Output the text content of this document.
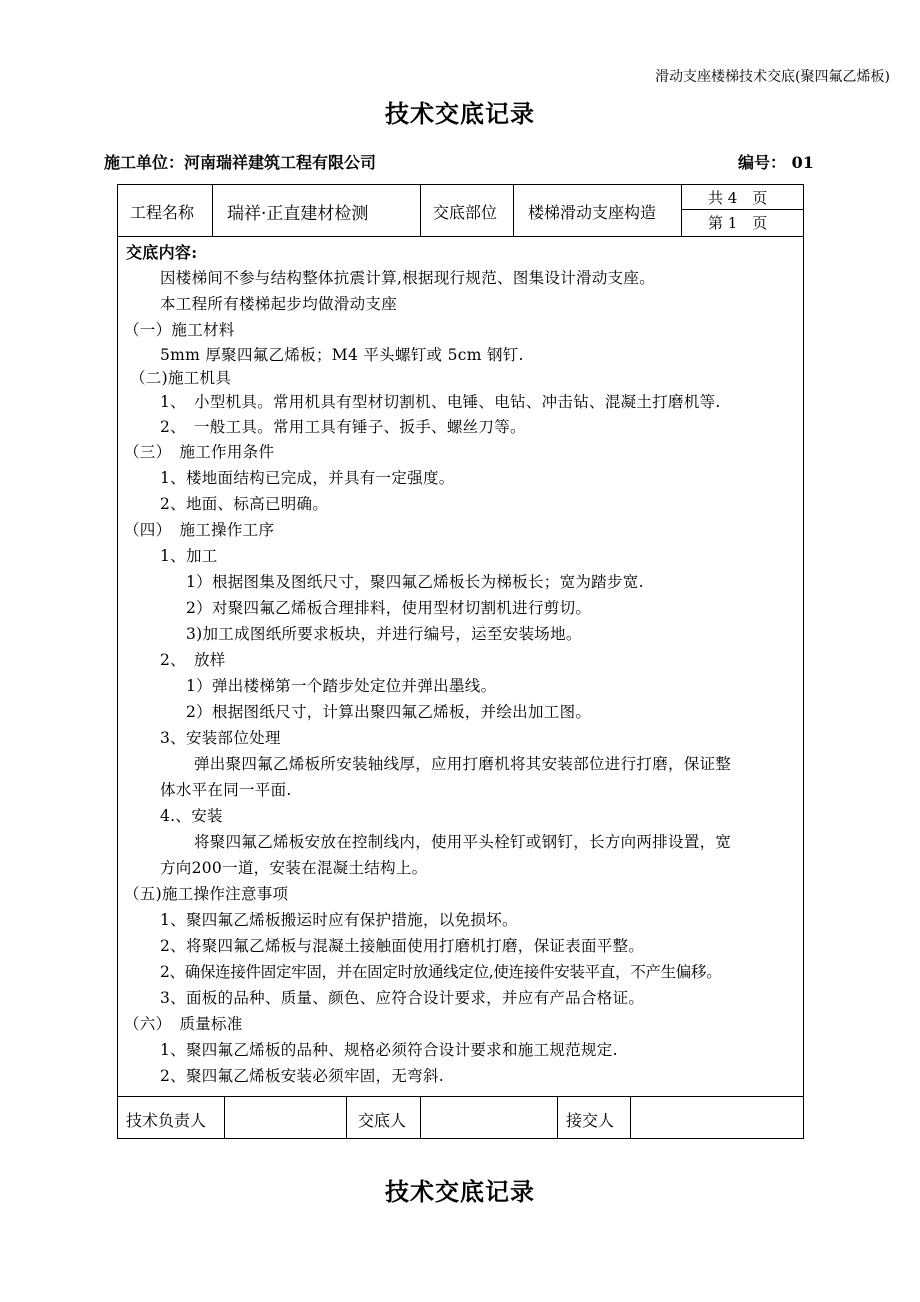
滑动支座楼梯技术交底(聚四氟乙烯板)
技术交底记录
施工单位：河南瑞祥建筑工程有限公司	编号： 01
工程名称 瑞祥·正直建材检测	交底部位 楼梯滑动支座构造
共 4　页
第 1　页
交底内容:
因楼梯间不参与结构整体抗震计算,根据现行规范、图集设计滑动支座。
本工程所有楼梯起步均做滑动支座
（一）施工材料
5mm 厚聚四氟乙烯板；M4 平头螺钉或 5cm 钢钉.
（二)施工机具
1、　小型机具。常用机具有型材切割机、电锤、电钻、冲击钻、混凝土打磨机等.
2、　一般工具。常用工具有锤子、扳手、螺丝刀等。
（三）　施工作用条件
1、楼地面结构已完成，并具有一定强度。
2、地面、标高已明确。
（四）　施工操作工序
1、加工
1）根据图集及图纸尺寸，聚四氟乙烯板长为梯板长；宽为踏步宽.
2）对聚四氟乙烯板合理排料，使用型材切割机进行剪切。
3)加工成图纸所要求板块，并进行编号，运至安装场地。
2、　放样
1）弹出楼梯第一个踏步处定位并弹出墨线。
2）根据图纸尺寸，计算出聚四氟乙烯板，并绘出加工图。
3、安装部位处理
弹出聚四氟乙烯板所安装轴线厚，应用打磨机将其安装部位进行打磨，保证整
体水平在同一平面.
4.、安装
将聚四氟乙烯板安放在控制线内，使用平头栓钉或钢钉，长方向两排设置，宽
方向200一道，安装在混凝土结构上。
（五)施工操作注意事项
1、聚四氟乙烯板搬运时应有保护措施，以免损坏。
2、将聚四氟乙烯板与混凝土接触面使用打磨机打磨，保证表面平整。
2、确保连接件固定牢固，并在固定时放通线定位,使连接件安装平直，不产生偏移。
3、面板的品种、质量、颜色、应符合设计要求，并应有产品合格证。
（六）　质量标准
1、聚四氟乙烯板的品种、规格必须符合设计要求和施工规范规定.
2、聚四氟乙烯板安装必须牢固，无弯斜.
技术负责人	交底人	接交人
技术交底记录
